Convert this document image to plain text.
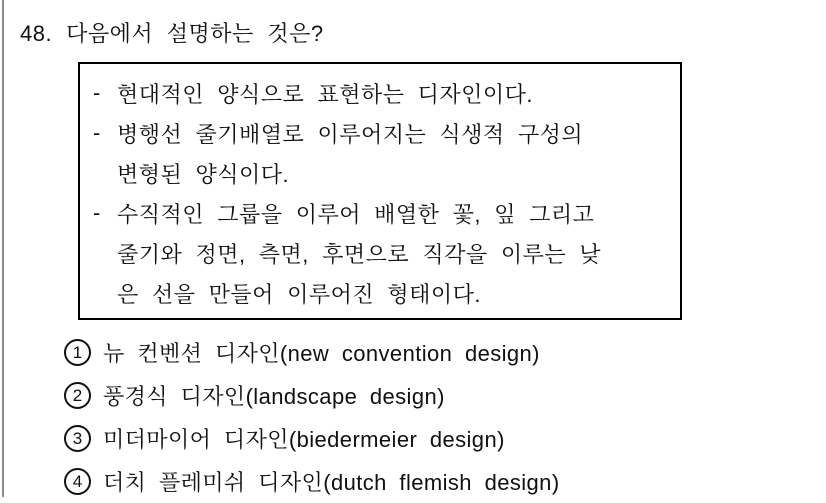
48. 다음에서 설명하는 것은?
- 현대적인 양식으로 표현하는 디자인이다.
- 병행선 줄기배열로 이루어지는 식생적 구성의
변형된 양식이다.
- 수직적인 그룹을 이루어 배열한 꽃, 잎 그리고
줄기와 정면, 측면, 후면으로 직각을 이루는 낮
은 선을 만들어 이루어진 형태이다.
1 뉴 컨벤션 디자인(new convention design)
2 풍경식 디자인(landscape design)
3 미더마이어 디자인(biedermeier design)
4 더치 플레미쉬 디자인(dutch flemish design)
